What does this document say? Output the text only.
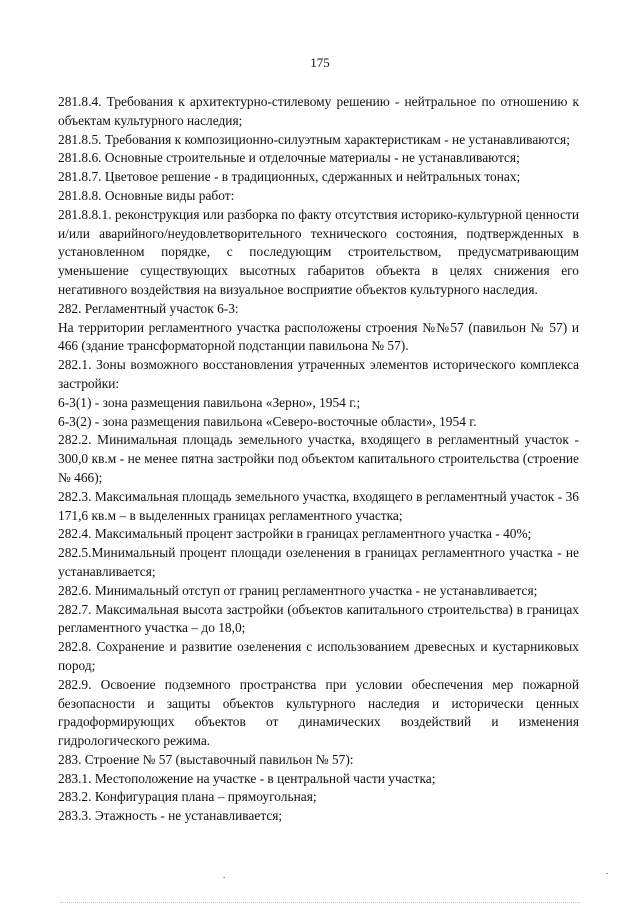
175

281.8.4. Требования к архитектурно-стилевому решению - нейтральное по отношению к объектам культурного наследия;

281.8.5. Требования к композиционно-силуэтным характеристикам - не устанавливаются;

281.8.6. Основные строительные и отделочные материалы - не устанавливаются;

281.8.7. Цветовое решение - в традиционных, сдержанных и нейтральных тонах;

281.8.8. Основные виды работ:

281.8.8.1. реконструкция или разборка по факту отсутствия историко-культурной ценности и/или аварийного/неудовлетворительного технического состояния, подтвержденных в установленном порядке, с последующим строительством, предусматривающим уменьшение существующих высотных габаритов объекта в целях снижения его негативного воздействия на визуальное восприятие объектов культурного наследия.

282. Регламентный участок 6-3:

На территории регламентного участка расположены строения №№57 (павильон № 57) и 466 (здание трансформаторной подстанции павильона № 57).

282.1. Зоны возможного восстановления утраченных элементов исторического комплекса застройки:

6-3(1) - зона размещения павильона «Зерно», 1954 г.;

6-3(2) - зона размещения павильона «Северо-восточные области», 1954 г.

282.2. Минимальная площадь земельного участка, входящего в регламентный участок - 300,0 кв.м - не менее пятна застройки под объектом капитального строительства (строение № 466);

282.3. Максимальная площадь земельного участка, входящего в регламентный участок - 36 171,6 кв.м – в выделенных границах регламентного участка;

282.4. Максимальный процент застройки в границах регламентного участка - 40%;

282.5.Минимальный процент площади озеленения в границах регламентного участка - не устанавливается;

282.6. Минимальный отступ от границ регламентного участка - не устанавливается;

282.7. Максимальная высота застройки (объектов капитального строительства) в границах регламентного участка – до 18,0;

282.8. Сохранение и развитие озеленения с использованием древесных и кустарниковых пород;

282.9. Освоение подземного пространства при условии обеспечения мер пожарной безопасности и защиты объектов культурного наследия и исторически ценных градоформирующих объектов от динамических воздействий и изменения гидрологического режима.

283. Строение № 57 (выставочный павильон № 57):

283.1. Местоположение на участке - в центральной части участка;

283.2. Конфигурация плана – прямоугольная;

283.3. Этажность - не устанавливается;

.	.
